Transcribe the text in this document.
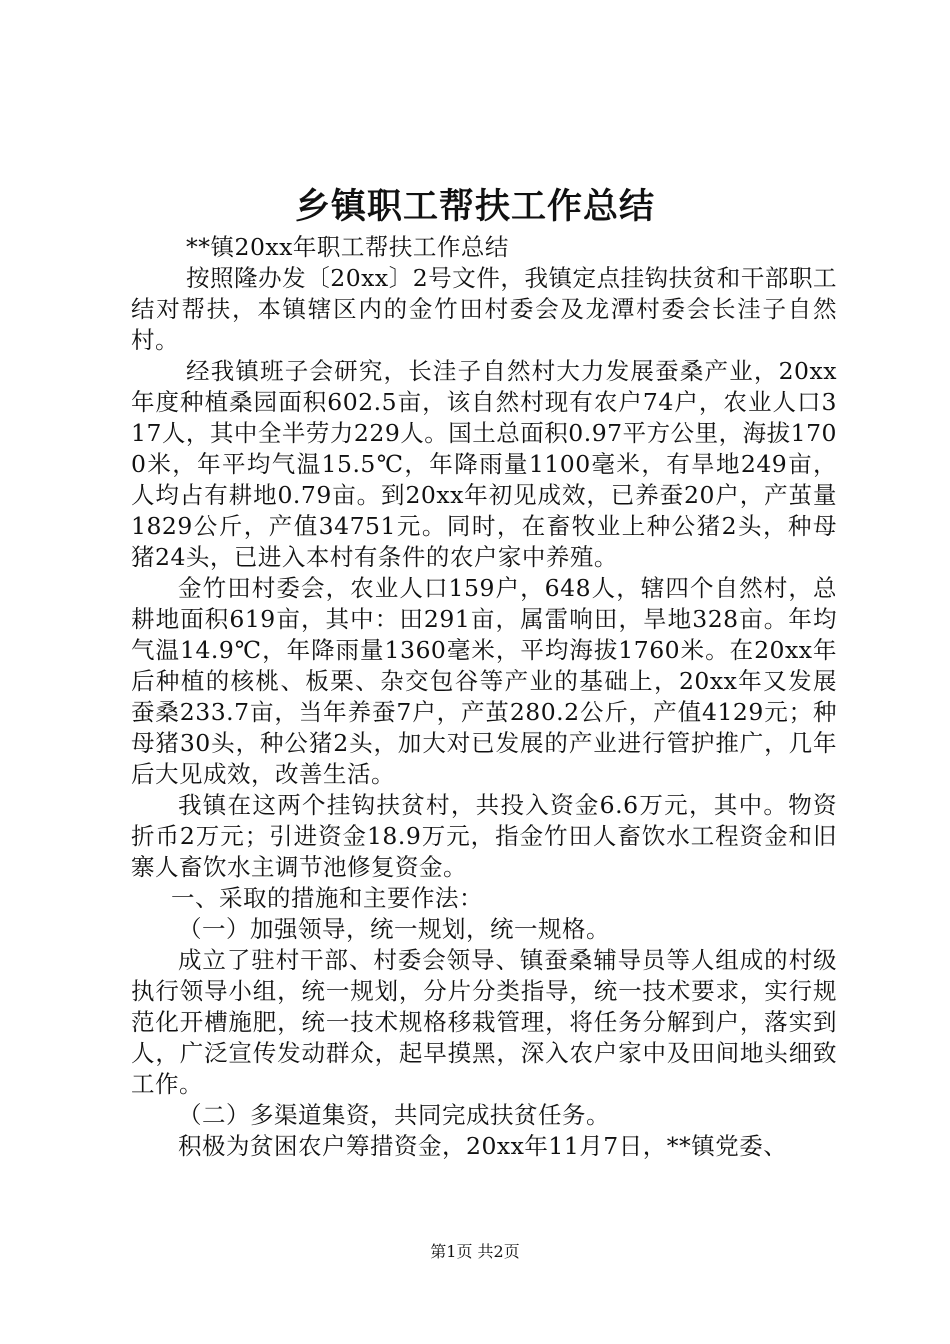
乡镇职工帮扶工作总结

**镇20xx年职工帮扶工作总结

按照隆办发〔20xx〕2号文件，我镇定点挂钩扶贫和干部职工结对帮扶，本镇辖区内的金竹田村委会及龙潭村委会长洼子自然村。

经我镇班子会研究，长洼子自然村大力发展蚕桑产业，20xx年度种植桑园面积602.5亩，该自然村现有农户74户，农业人口317人，其中全半劳力229人。国土总面积0.97平方公里，海拔1700米，年平均气温15.5℃，年降雨量1100毫米，有旱地249亩，人均占有耕地0.79亩。到20xx年初见成效，已养蚕20户，产茧量1829公斤，产值34751元。同时，在畜牧业上种公猪2头，种母猪24头，已进入本村有条件的农户家中养殖。

金竹田村委会，农业人口159户，648人，辖四个自然村，总耕地面积619亩，其中：田291亩，属雷响田，旱地328亩。年均气温14.9℃，年降雨量1360毫米，平均海拔1760米。在20xx年后种植的核桃、板栗、杂交包谷等产业的基础上，20xx年又发展蚕桑233.7亩，当年养蚕7户，产茧280.2公斤，产值4129元；种母猪30头，种公猪2头，加大对已发展的产业进行管护推广，几年后大见成效，改善生活。

我镇在这两个挂钩扶贫村，共投入资金6.6万元，其中。物资折币2万元；引进资金18.9万元，指金竹田人畜饮水工程资金和旧寨人畜饮水主调节池修复资金。

一、采取的措施和主要作法：

（一）加强领导，统一规划，统一规格。

成立了驻村干部、村委会领导、镇蚕桑辅导员等人组成的村级执行领导小组，统一规划，分片分类指导，统一技术要求，实行规范化开槽施肥，统一技术规格移栽管理，将任务分解到户，落实到人，广泛宣传发动群众，起早摸黑，深入农户家中及田间地头细致工作。

（二）多渠道集资，共同完成扶贫任务。

积极为贫困农户筹措资金，20xx年11月7日，**镇党委、

第1页 共2页
